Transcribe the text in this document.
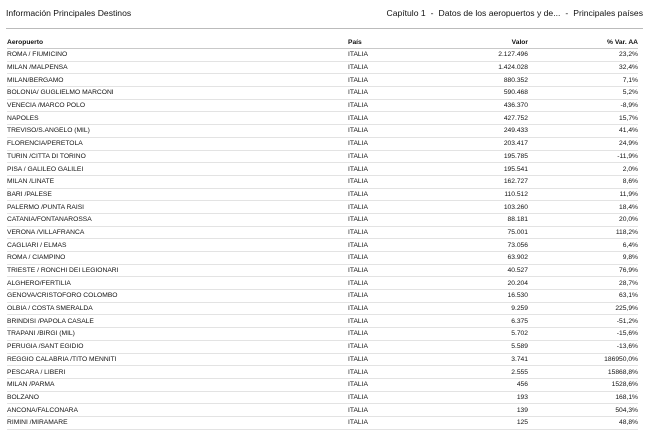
Información Principales Destinos	Capítulo 1 - Datos de los aeropuertos y de... - Principales países
Aeropuerto	País	Valor	% Var. AA
ROMA / FIUMICINO	ITALIA	2.127.496	23,2%
MILAN /MALPENSA	ITALIA	1.424.028	32,4%
MILAN/BERGAMO	ITALIA	880.352	7,1%
BOLONIA/ GUGLIELMO MARCONI	ITALIA	590.468	5,2%
VENECIA /MARCO POLO	ITALIA	436.370	-8,9%
NAPOLES	ITALIA	427.752	15,7%
TREVISO/S.ANGELO (MIL)	ITALIA	249.433	41,4%
FLORENCIA/PERETOLA	ITALIA	203.417	24,9%
TURIN /CITTA DI TORINO	ITALIA	195.785	-11,9%
PISA / GALILEO GALILEI	ITALIA	195.541	2,0%
MILAN /LINATE	ITALIA	162.727	8,6%
BARI /PALESE	ITALIA	110.512	11,9%
PALERMO /PUNTA RAISI	ITALIA	103.260	18,4%
CATANIA/FONTANAROSSA	ITALIA	88.181	20,0%
VERONA /VILLAFRANCA	ITALIA	75.001	118,2%
CAGLIARI / ELMAS	ITALIA	73.056	6,4%
ROMA / CIAMPINO	ITALIA	63.902	9,8%
TRIESTE / RONCHI DEI LEGIONARI	ITALIA	40.527	76,9%
ALGHERO/FERTILIA	ITALIA	20.204	28,7%
GENOVA/CRISTOFORO COLOMBO	ITALIA	16.530	63,1%
OLBIA / COSTA SMERALDA	ITALIA	9.259	225,9%
BRINDISI /PAPOLA CASALE	ITALIA	6.375	-51,2%
TRAPANI /BIRGI (MIL)	ITALIA	5.702	-15,6%
PERUGIA /SANT EGIDIO	ITALIA	5.589	-13,6%
REGGIO CALABRIA /TITO MENNITI	ITALIA	3.741	186950,0%
PESCARA / LIBERI	ITALIA	2.555	15868,8%
MILAN /PARMA	ITALIA	456	1528,6%
BOLZANO	ITALIA	193	168,1%
ANCONA/FALCONARA	ITALIA	139	504,3%
RIMINI /MIRAMARE	ITALIA	125	48,8%
